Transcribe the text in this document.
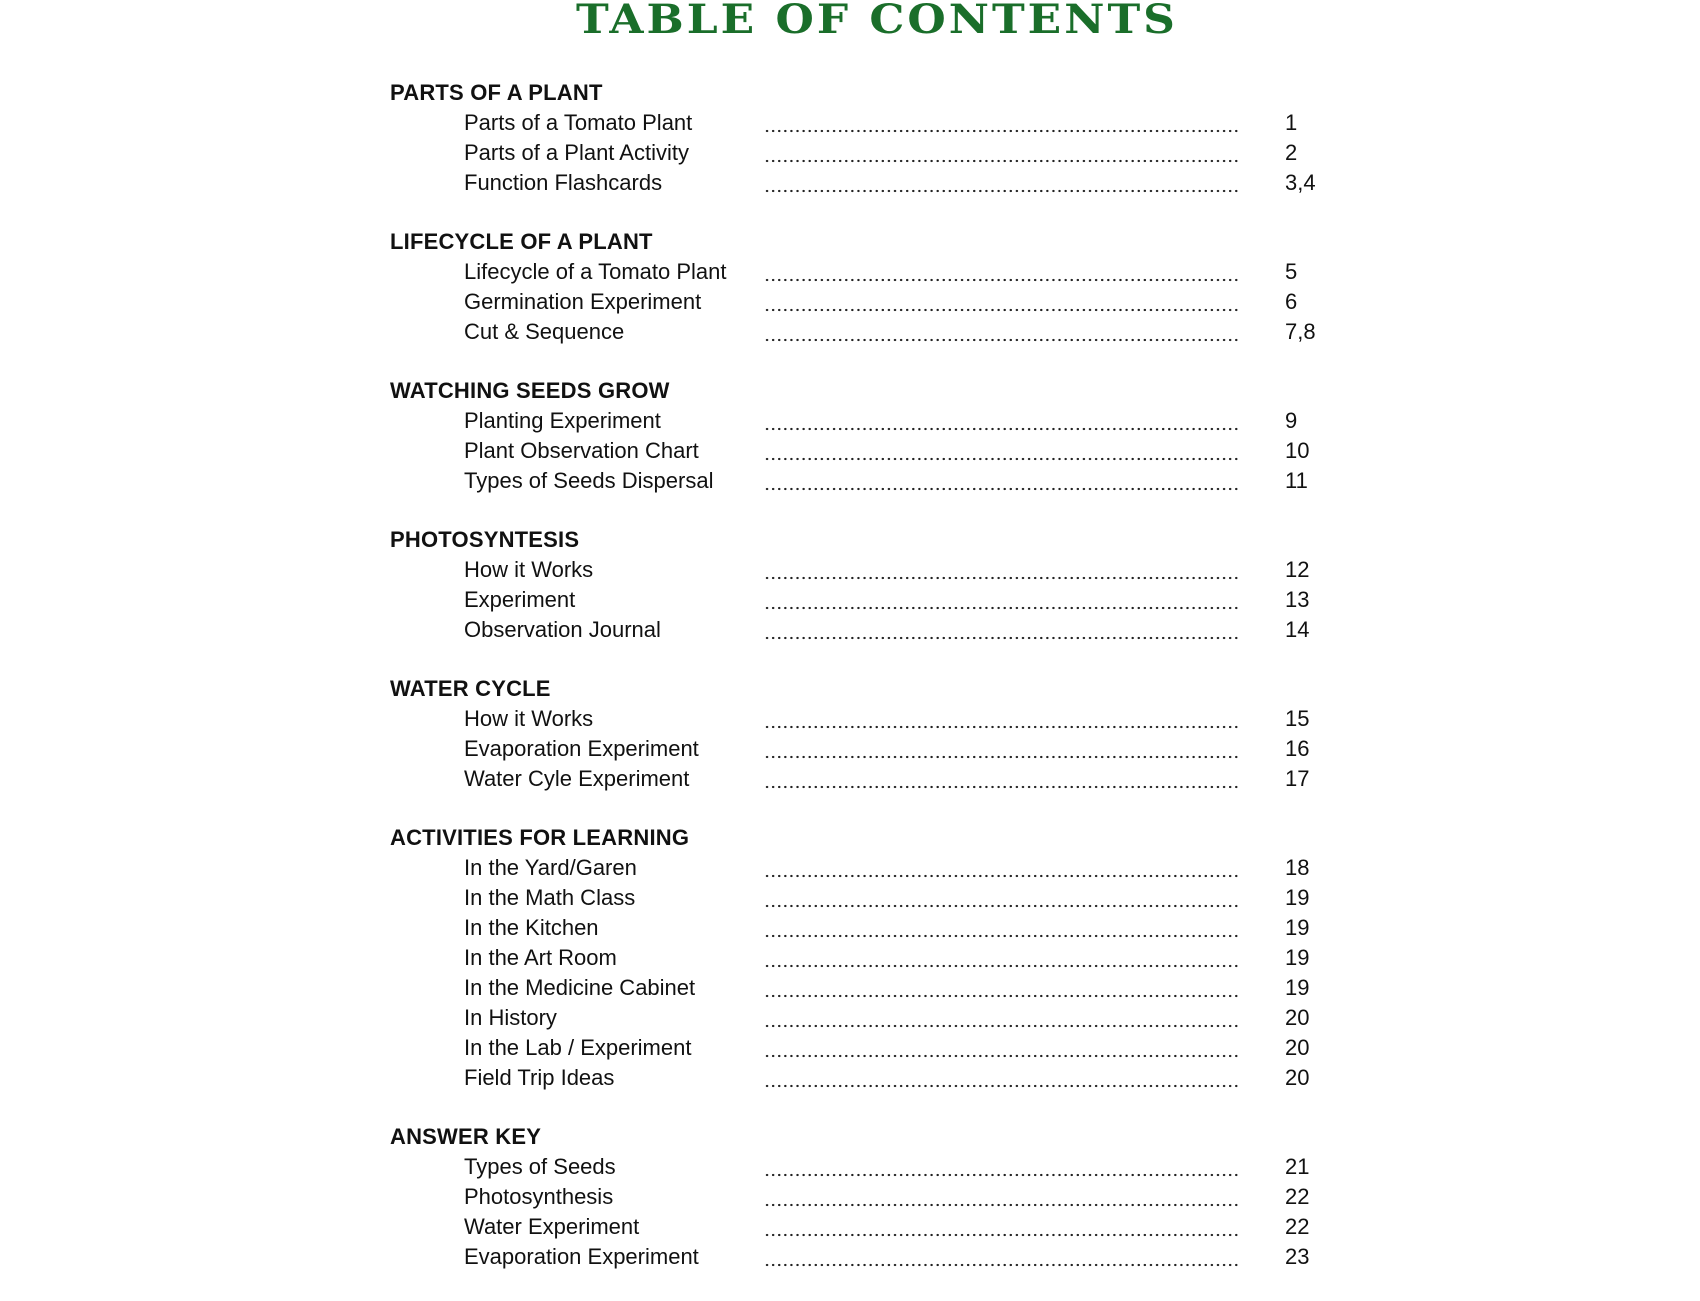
TABLE OF CONTENTS
PARTS OF A PLANT
Parts of a Tomato Plant	1
Parts of a Plant Activity	2
Function Flashcards	3,4
LIFECYCLE OF A PLANT
Lifecycle of a Tomato Plant	5
Germination Experiment	6
Cut & Sequence	7,8
WATCHING SEEDS GROW
Planting Experiment	9
Plant Observation Chart	10
Types of Seeds Dispersal	11
PHOTOSYNTESIS
How it Works	12
Experiment	13
Observation Journal	14
WATER CYCLE
How it Works	15
Evaporation Experiment	16
Water Cyle Experiment	17
ACTIVITIES FOR LEARNING
In the Yard/Garen	18
In the Math Class	19
In the Kitchen	19
In the Art Room	19
In the Medicine Cabinet	19
In History	20
In the Lab / Experiment	20
Field Trip Ideas	20
ANSWER KEY
Types of Seeds	21
Photosynthesis	22
Water Experiment	22
Evaporation Experiment	23
